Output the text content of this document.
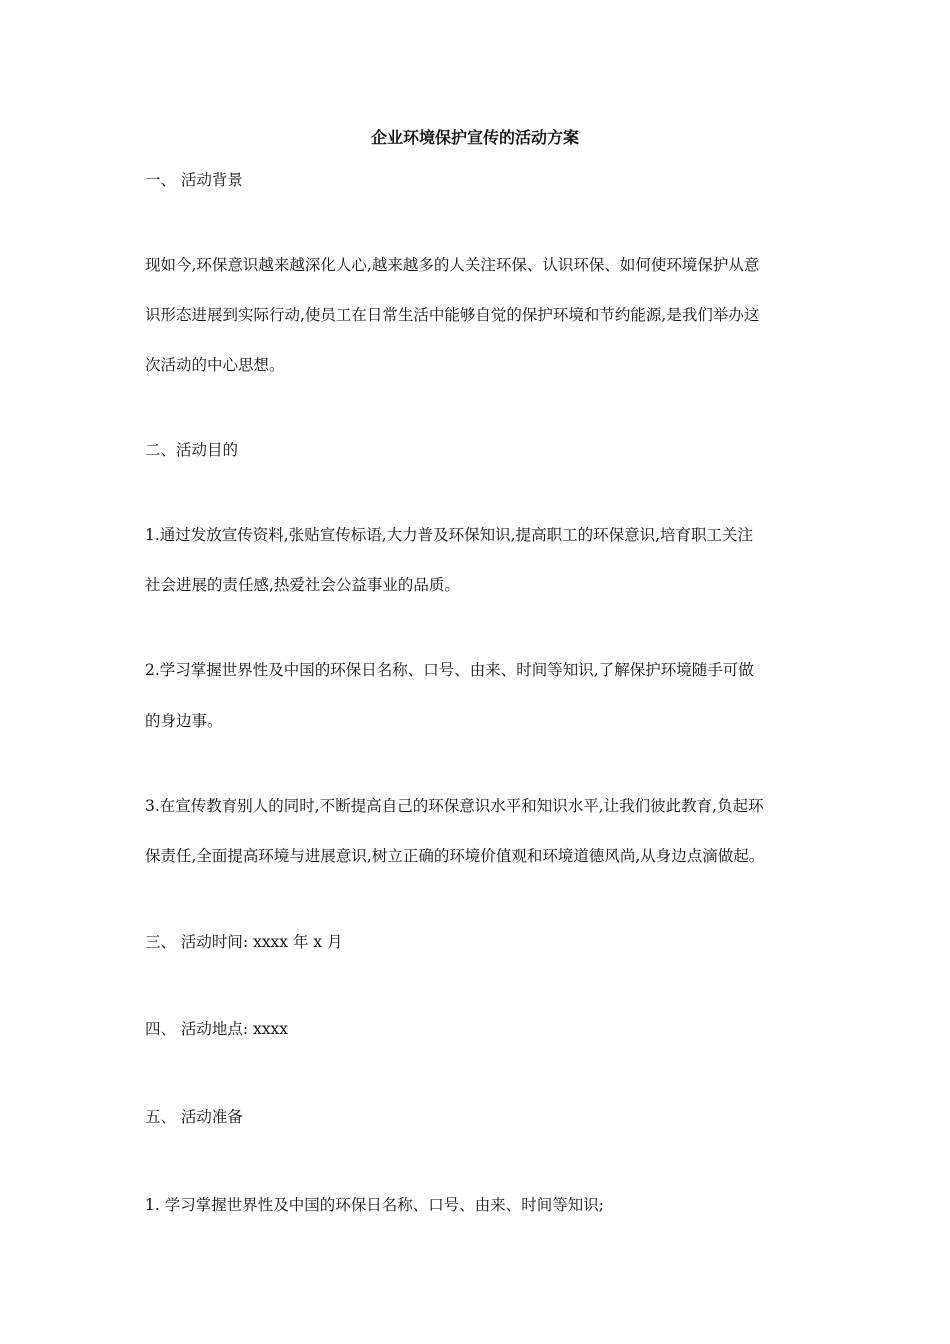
企业环境保护宣传的活动方案
一、 活动背景
现如今,环保意识越来越深化人心,越来越多的人关注环保、认识环保、如何使环境保护从意
识形态进展到实际行动,使员工在日常生活中能够自觉的保护环境和节约能源,是我们举办这
次活动的中心思想。
二、活动目的
1.通过发放宣传资料,张贴宣传标语,大力普及环保知识,提高职工的环保意识,培育职工关注
社会进展的责任感,热爱社会公益事业的品质。
2.学习掌握世界性及中国的环保日名称、口号、由来、时间等知识,了解保护环境随手可做
的身边事。
3.在宣传教育别人的同时,不断提高自己的环保意识水平和知识水平,让我们彼此教育,负起环
保责任,全面提高环境与进展意识,树立正确的环境价值观和环境道德风尚,从身边点滴做起。
三、 活动时间: xxxx 年 x 月
四、 活动地点: xxxx
五、 活动准备
1. 学习掌握世界性及中国的环保日名称、口号、由来、时间等知识;
